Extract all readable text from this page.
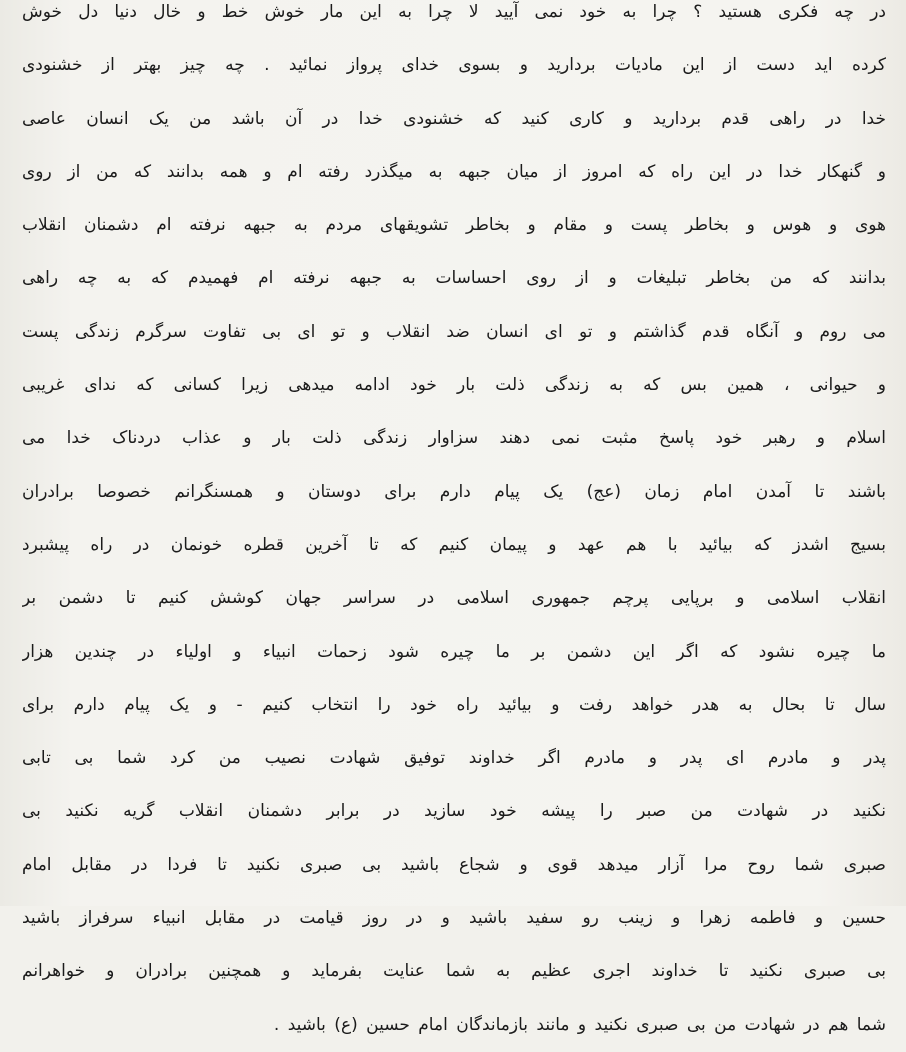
در چه فکری هستید ؟ چرا به خود نمی آیید لا چرا به این مار خوش خط و خال دنیا دل خوش
کرده اید دست از این مادیات بردارید و بسوی خدای پرواز نمائید . چه چیز بهتر از خشنودی
خدا در راهی قدم بردارید و کاری کنید که خشنودی خدا در آن باشد من یک انسان عاصی
و گنهکار خدا در این راه که امروز از میان جبهه به میگذرد رفته ام و همه بدانند که من از روی
هوی و هوس و بخاطر پست و مقام و بخاطر تشویقهای مردم به جبهه نرفته ام دشمنان انقلاب
بدانند که من بخاطر تبلیغات و از روی احساسات به جبهه نرفته ام فهمیدم که به چه راهی
می روم و آنگاه قدم گذاشتم و تو ای انسان ضد انقلاب و تو ای بی تفاوت سرگرم زندگی پست
و حیوانی ، همین بس که به زندگی ذلت بار خود ادامه میدهی زیرا کسانی که ندای غریبی
اسلام و رهبر خود پاسخ مثبت نمی دهند سزاوار زندگی ذلت بار و عذاب دردناک خدا می
باشند تا آمدن امام زمان (عج) یک پیام دارم برای دوستان و همسنگرانم خصوصا برادران
بسیج اشدز که بیائید با هم عهد و پیمان کنیم که تا آخرین قطره خونمان در راه پیشبرد
انقلاب اسلامی و برپایی پرچم جمهوری اسلامی در سراسر جهان کوشش کنیم تا دشمن بر
ما چیره نشود که اگر این دشمن بر ما چیره شود زحمات انبیاء و اولیاء در چندین هزار
سال تا بحال به هدر خواهد رفت و بیائید راه خود را انتخاب کنیم - و یک پیام دارم برای
پدر و مادرم ای پدر و مادرم اگر خداوند توفیق شهادت نصیب من کرد شما بی تابی
نکنید در شهادت من صبر را پیشه خود سازید در برابر دشمنان انقلاب گریه نکنید بی
صبری شما روح مرا آزار میدهد قوی و شجاع باشید بی صبری نکنید تا فردا در مقابل امام
حسین و فاطمه زهرا و زینب رو سفید باشید و در روز قیامت در مقابل انبیاء سرفراز باشید
بی صبری نکنید تا خداوند اجری عظیم به شما عنایت بفرماید و همچنین برادران و خواهرانم
شما هم در شهادت من بی صبری نکنید و مانند بازماندگان امام حسین (ع) باشید .
